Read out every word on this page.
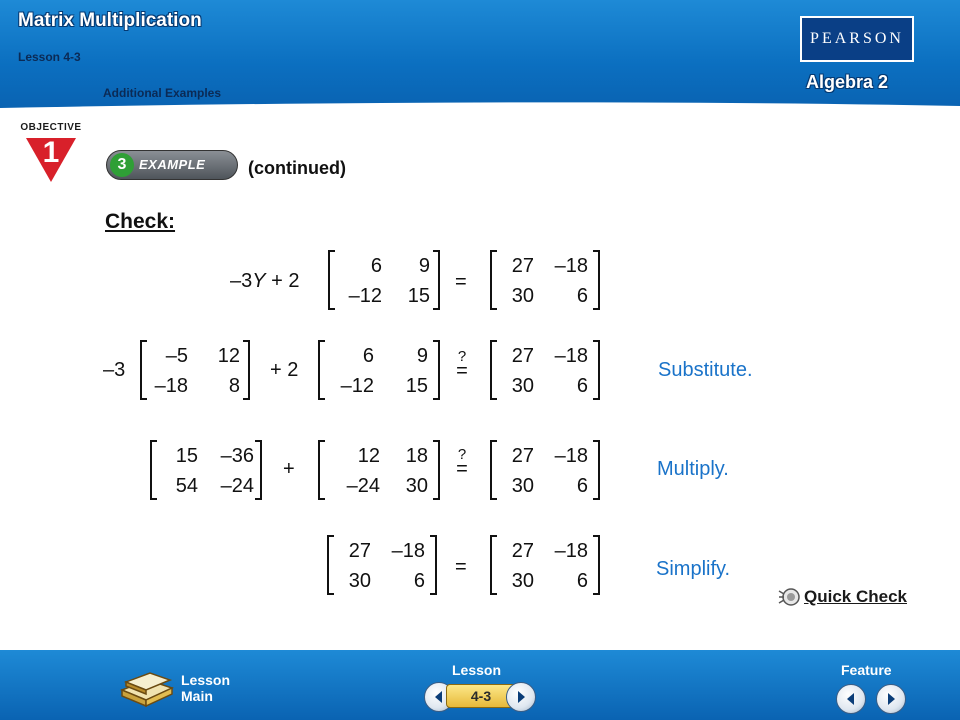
Matrix Multiplication
Lesson 4-3
Additional Examples
PEARSON
Algebra 2
OBJECTIVE
1	3 EXAMPLE (continued)
Check:
–3Y + 2
6 9
–12 15
=
27 –18
30 6
–3
–5 12
–18 8
+ 2
6 9
–12 15
?
=
27 –18
30 6
Substitute.
15 –36
54 –24
+
12 18
–24 30
?
=
27 –18
30 6
Multiply.
27 –18
30 6
=
27 –18
30 6
Simplify.
Quick Check
Lesson
Main
Lesson
4-3
Feature
